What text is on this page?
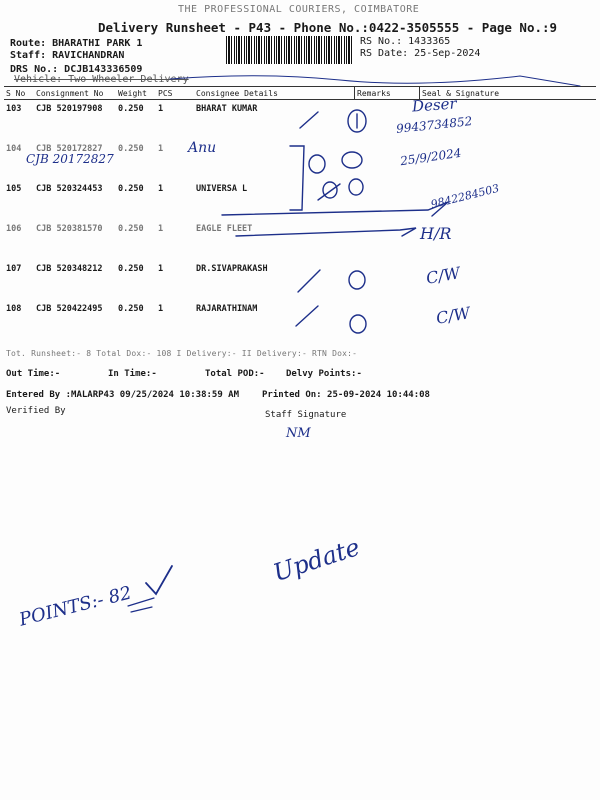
THE PROFESSIONAL COURIERS, COIMBATORE
Delivery Runsheet - P43 - Phone No.:0422-3505555 - Page No.:9
Route: BHARATHI PARK 1
Staff: RAVICHANDRAN
DRS No.: DCJB143336509
Vehicle: Two Wheeler Delivery
RS No.: 1433365
RS Date: 25-Sep-2024
S No	Consignment No	Weight	PCS	Consignee Details	Remarks	Seal & Signature
103	CJB 520197908	0.250	1	BHARAT KUMAR		
104	CJB 520172827	0.250	1			
105	CJB 520324453	0.250	1	UNIVERSA L		
106	CJB 520381570	0.250	1	EAGLE FLEET		
107	CJB 520348212	0.250	1	DR.SIVAPRAKASH		
108	CJB 520422495	0.250	1	RAJARATHINAM		
Tot. Runsheet:- 8 Total Dox:- 108 I Delivery:- II Delivery:- RTN Dox:-
Out Time:-	In Time:-	Total POD:- Delvy Points:-
Entered By :MALARP43 09/25/2024 10:38:59 AM	Printed On: 25-09-2024 10:44:08
Verified By	Staff Signature
Anu
CJB 20172827
Deser
9943734852
25/9/2024
9842284503
H/R
C/W
C/W
NM
Update
POINTS:- 82
